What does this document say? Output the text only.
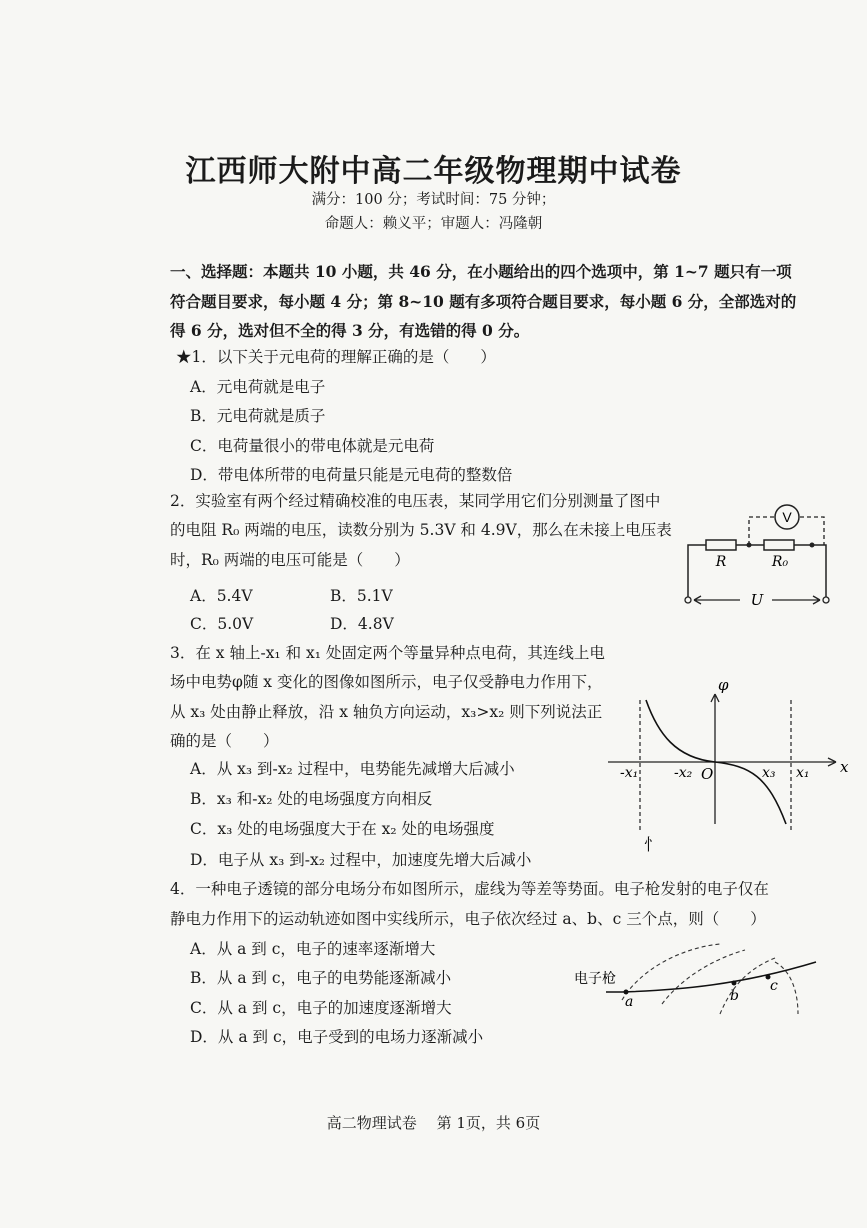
江西师大附中高二年级物理期中试卷
满分：100 分；考试时间：75 分钟；
命题人：赖义平；审题人：冯隆朝
一、选择题：本题共 10 小题，共 46 分，在小题给出的四个选项中，第 1~7 题只有一项
符合题目要求，每小题 4 分；第 8~10 题有多项符合题目要求，每小题 6 分，全部选对的
得 6 分，选对但不全的得 3 分，有选错的得 0 分。
★1．以下关于元电荷的理解正确的是（　　）
A．元电荷就是电子
B．元电荷就是质子
C．电荷量很小的带电体就是元电荷
D．带电体所带的电荷量只能是元电荷的整数倍
2．实验室有两个经过精确校准的电压表，某同学用它们分别测量了图中
的电阻 R₀ 两端的电压，读数分别为 5.3V 和 4.9V，那么在未接上电压表
时，R₀ 两端的电压可能是（　　）
A．5.4V	B．5.1V
C．5.0V	D．4.8V
V
R	R₀
U
3．在 x 轴上-x₁ 和 x₁ 处固定两个等量异种点电荷，其连线上电
场中电势φ随 x 变化的图像如图所示，电子仅受静电力作用下，
从 x₃ 处由静止释放，沿 x 轴负方向运动，x₃>x₂ 则下列说法正
确的是（　　）
A．从 x₃ 到-x₂ 过程中，电势能先减增大后减小
B．x₃ 和-x₂ 处的电场强度方向相反
C．x₃ 处的电场强度大于在 x₂ 处的电场强度
D．电子从 x₃ 到-x₂ 过程中，加速度先增大后减小
φ
x
-x₁	-x₂ O	x₃ x₁
忄
4．一种电子透镜的部分电场分布如图所示，虚线为等差等势面。电子枪发射的电子仅在
静电力作用下的运动轨迹如图中实线所示，电子依次经过 a、b、c 三个点，则（　　）
A．从 a 到 c，电子的速率逐渐增大
B．从 a 到 c，电子的电势能逐渐减小
C．从 a 到 c，电子的加速度逐渐增大
D．从 a 到 c，电子受到的电场力逐渐减小
电子枪
a	b
c
高二物理试卷　 第 1页，共 6页
